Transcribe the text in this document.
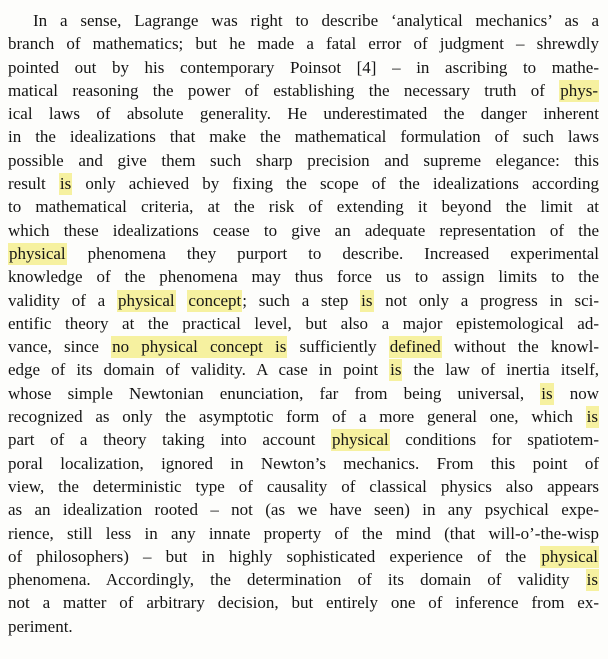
In a sense, Lagrange was right to describe ‘analytical mechanics’ as a
branch of mathematics; but he made a fatal error of judgment – shrewdly
pointed out by his contemporary Poinsot [4] – in ascribing to mathe-
matical reasoning the power of establishing the necessary truth of phys-
ical laws of absolute generality. He underestimated the danger inherent
in the idealizations that make the mathematical formulation of such laws
possible and give them such sharp precision and supreme elegance: this
result is only achieved by fixing the scope of the idealizations according
to mathematical criteria, at the risk of extending it beyond the limit at
which these idealizations cease to give an adequate representation of the
physical phenomena they purport to describe. Increased experimental
knowledge of the phenomena may thus force us to assign limits to the
validity of a physical concept; such a step is not only a progress in sci-
entific theory at the practical level, but also a major epistemological ad-
vance, since no physical concept is sufficiently defined without the knowl-
edge of its domain of validity. A case in point is the law of inertia itself,
whose simple Newtonian enunciation, far from being universal, is now
recognized as only the asymptotic form of a more general one, which is
part of a theory taking into account physical conditions for spatiotem-
poral localization, ignored in Newton’s mechanics. From this point of
view, the deterministic type of causality of classical physics also appears
as an idealization rooted – not (as we have seen) in any psychical expe-
rience, still less in any innate property of the mind (that will-o’-the-wisp
of philosophers) – but in highly sophisticated experience of the physical
phenomena. Accordingly, the determination of its domain of validity is
not a matter of arbitrary decision, but entirely one of inference from ex-
periment.
